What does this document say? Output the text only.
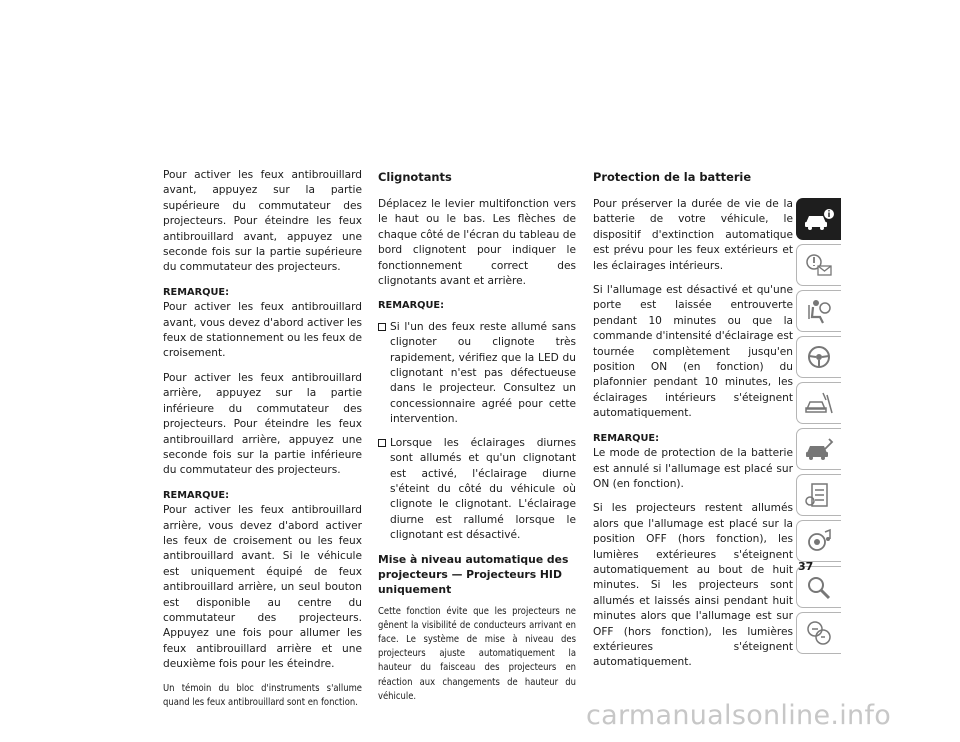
Pour activer les feux antibrouillard avant, appuyez sur la partie supérieure du commutateur des projecteurs. Pour éteindre les feux antibrouillard avant, appuyez une seconde fois sur la partie supérieure du commutateur des projecteurs.

REMARQUE:
Pour activer les feux antibrouillard avant, vous devez d'abord activer les feux de stationnement ou les feux de croisement.

Pour activer les feux antibrouillard arrière, appuyez sur la partie inférieure du commutateur des projecteurs. Pour éteindre les feux antibrouillard arrière, appuyez une seconde fois sur la partie inférieure du commutateur des projecteurs.

REMARQUE:
Pour activer les feux antibrouillard arrière, vous devez d'abord activer les feux de croisement ou les feux antibrouillard avant. Si le véhicule est uniquement équipé de feux antibrouillard arrière, un seul bouton est disponible au centre du commutateur des projecteurs. Appuyez une fois pour allumer les feux antibrouillard arrière et une deuxième fois pour les éteindre.

Un témoin du bloc d'instruments s'allume quand les feux antibrouillard sont en fonction.

Clignotants

Déplacez le levier multifonction vers le haut ou le bas. Les flèches de chaque côté de l'écran du tableau de bord clignotent pour indiquer le fonctionnement correct des clignotants avant et arrière.

REMARQUE:

Si l'un des feux reste allumé sans clignoter ou clignote très rapidement, vérifiez que la LED du clignotant n'est pas défectueuse dans le projecteur. Consultez un concessionnaire agréé pour cette intervention.
Lorsque les éclairages diurnes sont allumés et qu'un clignotant est activé, l'éclairage diurne s'éteint du côté du véhicule où clignote le clignotant. L'éclairage diurne est rallumé lorsque le clignotant est désactivé.
Mise à niveau automatique des projecteurs — Projecteurs HID uniquement

Cette fonction évite que les projecteurs ne gênent la visibilité de conducteurs arrivant en face. Le système de mise à niveau des projecteurs ajuste automatiquement la hauteur du faisceau des projecteurs en réaction aux changements de hauteur du véhicule.

Protection de la batterie

Pour préserver la durée de vie de la batterie de votre véhicule, le dispositif d'extinction automatique est prévu pour les feux extérieurs et les éclairages intérieurs.

Si l'allumage est désactivé et qu'une porte est laissée entrouverte pendant 10 minutes ou que la commande d'intensité d'éclairage est tournée complètement jusqu'en position ON (en fonction) du plafonnier pendant 10 minutes, les éclairages intérieurs s'éteignent automatiquement.

REMARQUE:
Le mode de protection de la batterie est annulé si l'allumage est placé sur ON (en fonction).

Si les projecteurs restent allumés alors que l'allumage est placé sur la position OFF (hors fonction), les lumières extérieures s'éteignent automatiquement au bout de huit minutes. Si les projecteurs sont allumés et laissés ainsi pendant huit minutes alors que l'allumage est sur OFF (hors fonction), les lumières extérieures s'éteignent automatiquement.

37
carmanualsonline.info
